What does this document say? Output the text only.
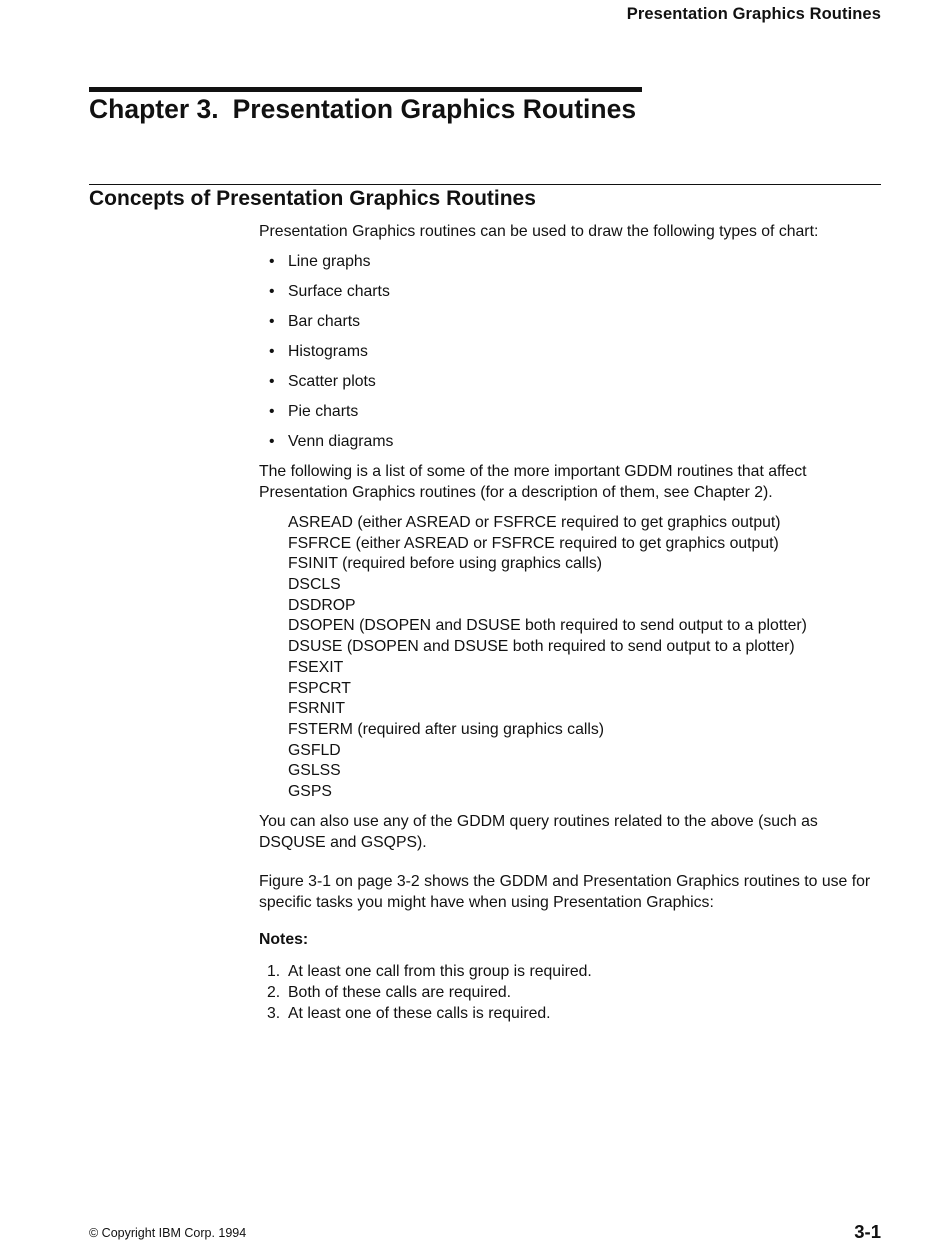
Presentation Graphics Routines
Chapter 3. Presentation Graphics Routines
Concepts of Presentation Graphics Routines

Presentation Graphics routines can be used to draw the following types of chart:

• Line graphs
• Surface charts
• Bar charts
• Histograms
• Scatter plots
• Pie charts
• Venn diagrams

The following is a list of some of the more important GDDM routines that affect Presentation Graphics routines (for a description of them, see Chapter 2).

ASREAD (either ASREAD or FSFRCE required to get graphics output)
FSFRCE (either ASREAD or FSFRCE required to get graphics output)
FSINIT (required before using graphics calls)
DSCLS
DSDROP
DSOPEN (DSOPEN and DSUSE both required to send output to a plotter)
DSUSE (DSOPEN and DSUSE both required to send output to a plotter)
FSEXIT
FSPCRT
FSRNIT
FSTERM (required after using graphics calls)
GSFLD
GSLSS
GSPS

You can also use any of the GDDM query routines related to the above (such as DSQUSE and GSQPS).

Figure 3-1 on page 3-2 shows the GDDM and Presentation Graphics routines to use for specific tasks you might have when using Presentation Graphics:

Notes:
1. At least one call from this group is required.
2. Both of these calls are required.
3. At least one of these calls is required.
© Copyright IBM Corp. 1994	3-1
